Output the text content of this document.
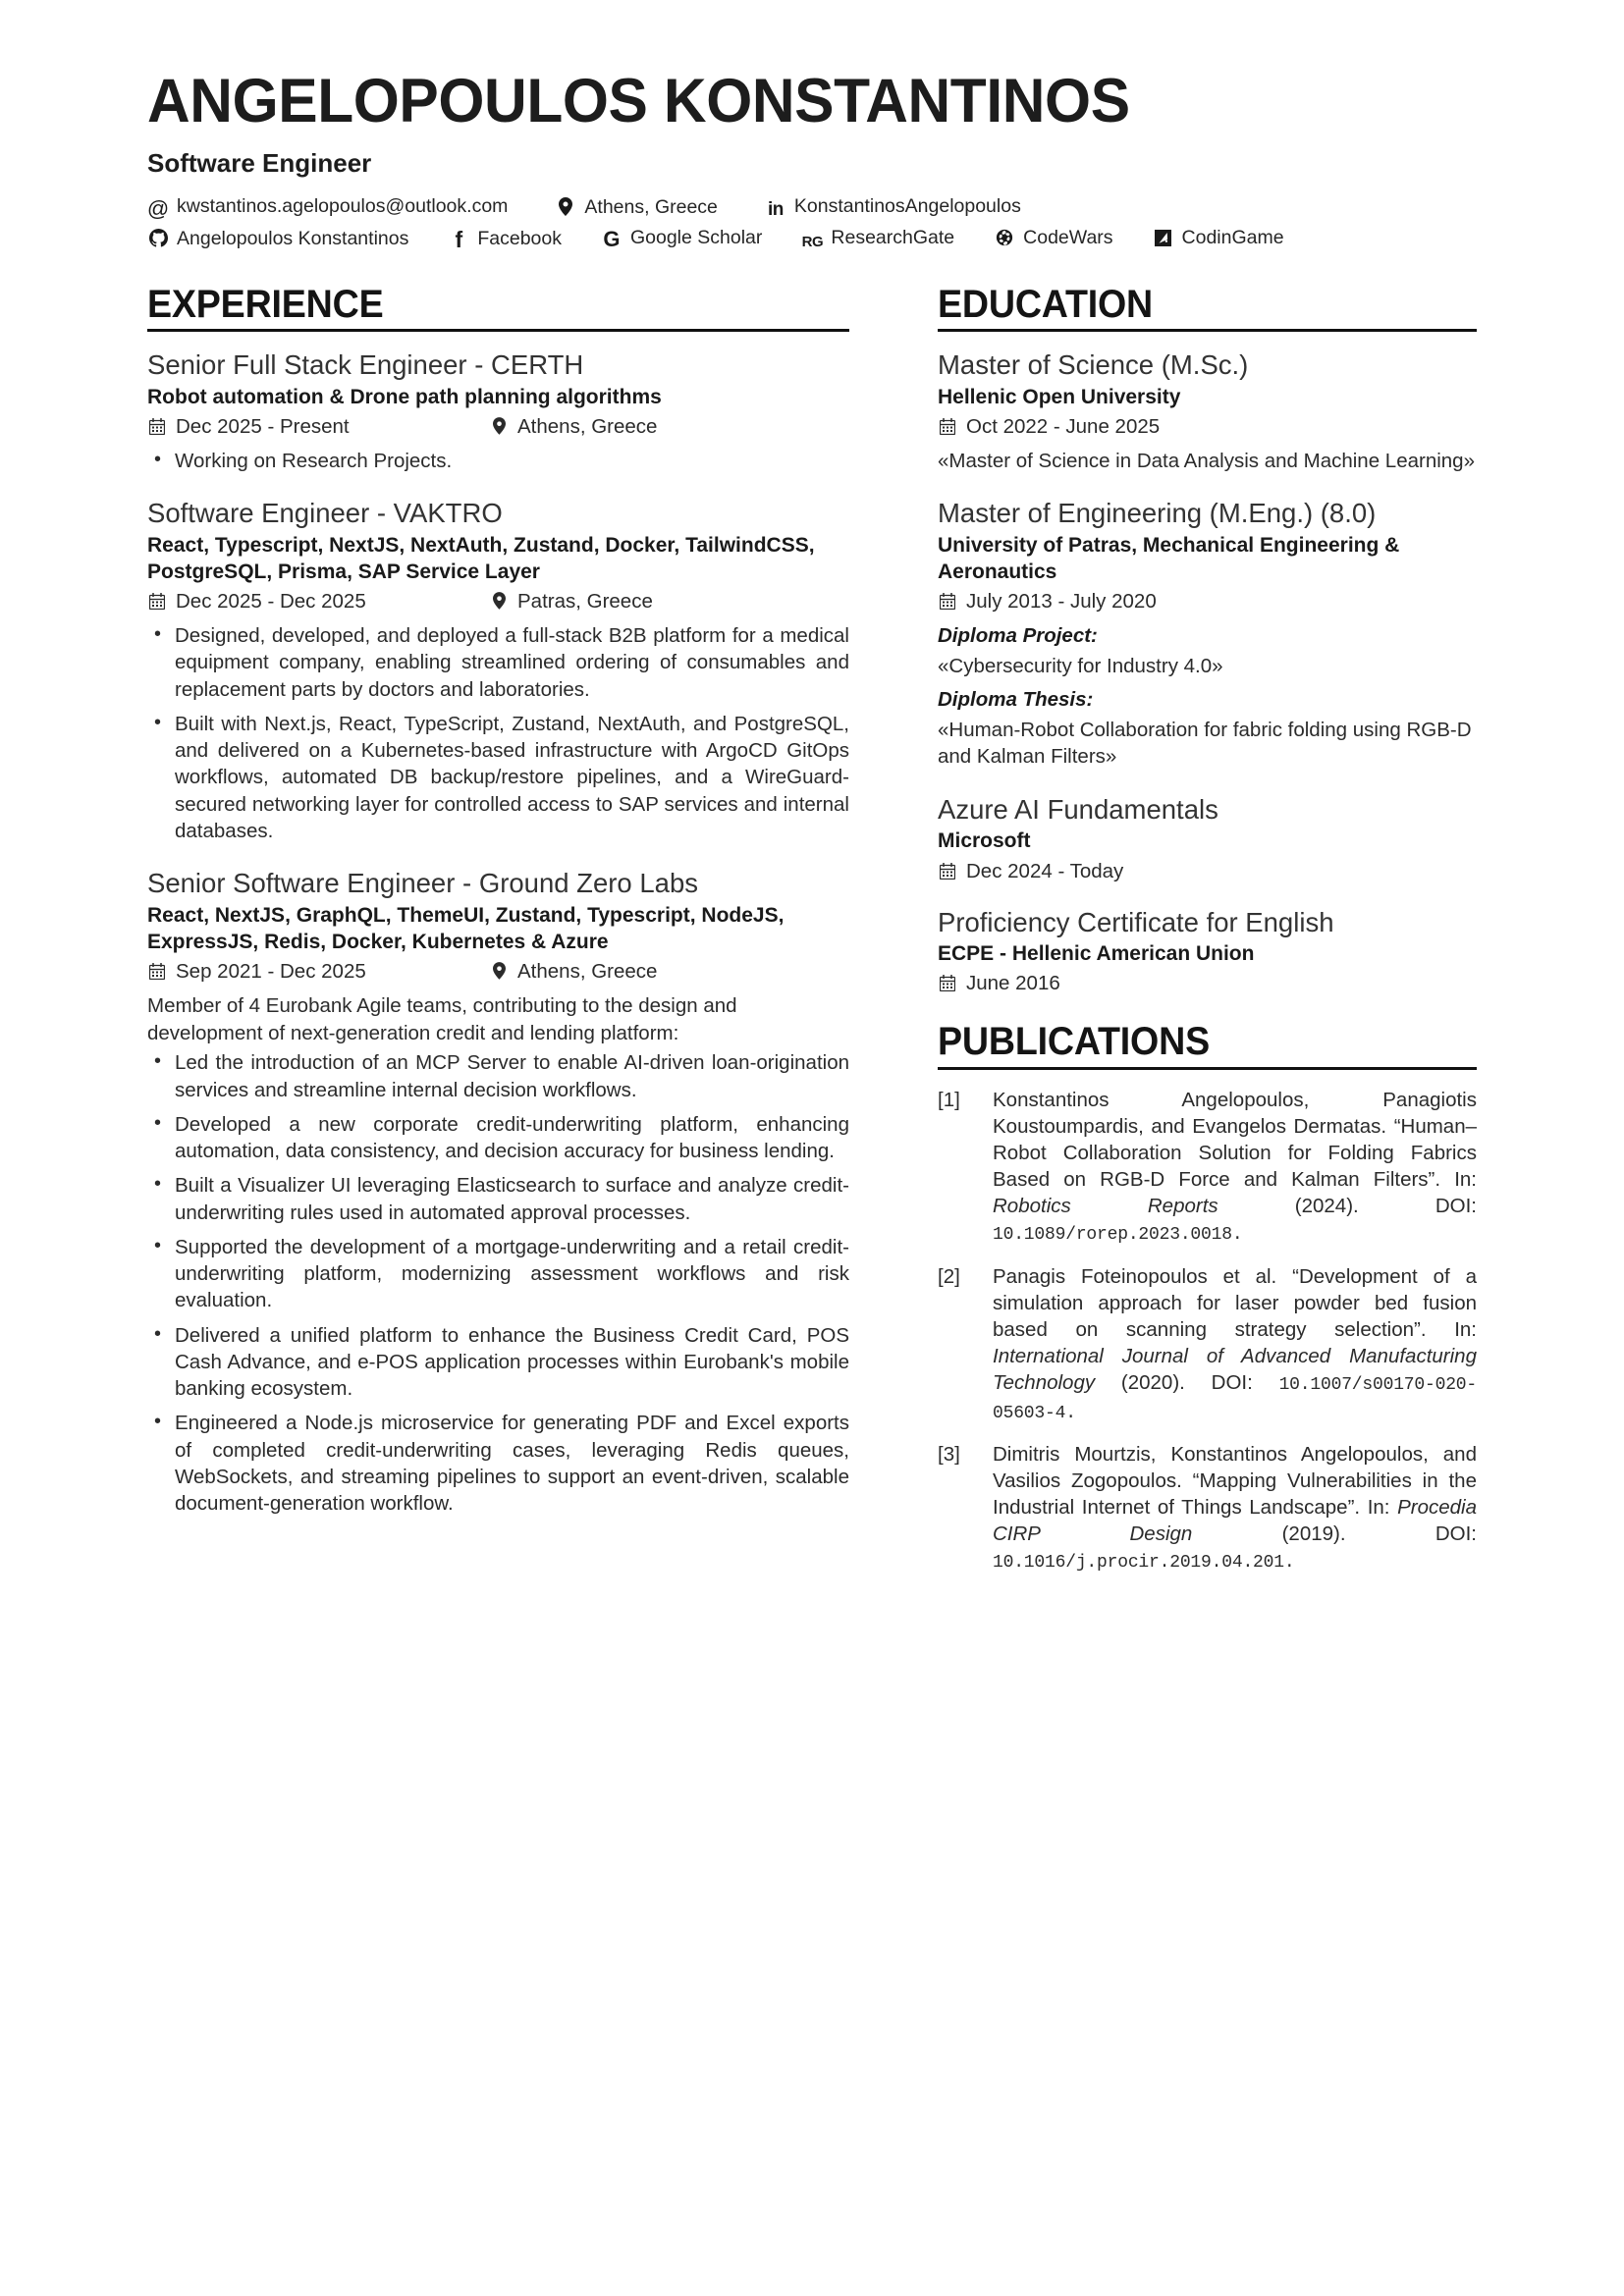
ANGELOPOULOS KONSTANTINOS
Software Engineer
@ kwstantinos.agelopoulos@outlook.com	Athens, Greece	in KonstantinosAngelopoulos
Angelopoulos Konstantinos f Facebook G Google Scholar	RG ResearchGate	CodeWars	CodinGame
EXPERIENCE
Senior Full Stack Engineer - CERTH
Robot automation & Drone path planning algorithms
Dec 2025 - Present	Athens, Greece
• Working on Research Projects.
Software Engineer - VAKTRO
React, Typescript, NextJS, NextAuth, Zustand, Docker, TailwindCSS, PostgreSQL, Prisma, SAP Service Layer
Dec 2025 - Dec 2025	Patras, Greece
• Designed, developed, and deployed a full-stack B2B platform for a medical equipment company, enabling streamlined ordering of consumables and replacement parts by doctors and laboratories.
• Built with Next.js, React, TypeScript, Zustand, NextAuth, and PostgreSQL, and delivered on a Kubernetes-based infrastructure with ArgoCD GitOps workflows, automated DB backup/restore pipelines, and a WireGuard-secured networking layer for controlled access to SAP services and internal databases.
Senior Software Engineer - Ground Zero Labs
React, NextJS, GraphQL, ThemeUI, Zustand, Typescript, NodeJS, ExpressJS, Redis, Docker, Kubernetes & Azure
Sep 2021 - Dec 2025	Athens, Greece
Member of 4 Eurobank Agile teams, contributing to the design and development of next-generation credit and lending platform:
• Led the introduction of an MCP Server to enable AI-driven loan-origination services and streamline internal decision workflows.
• Developed a new corporate credit-underwriting platform, enhancing automation, data consistency, and decision accuracy for business lending.
• Built a Visualizer UI leveraging Elasticsearch to surface and analyze credit-underwriting rules used in automated approval processes.
• Supported the development of a mortgage-underwriting and a retail credit-underwriting platform, modernizing assessment workflows and risk evaluation.
• Delivered a unified platform to enhance the Business Credit Card, POS Cash Advance, and e-POS application processes within Eurobank's mobile banking ecosystem.
• Engineered a Node.js microservice for generating PDF and Excel exports of completed credit-underwriting cases, leveraging Redis queues, WebSockets, and streaming pipelines to support an event-driven, scalable document-generation workflow.
EDUCATION
Master of Science (M.Sc.)
Hellenic Open University
Oct 2022 - June 2025
«Master of Science in Data Analysis and Machine Learning»
Master of Engineering (M.Eng.) (8.0)
University of Patras, Mechanical Engineering & Aeronautics
July 2013 - July 2020
Diploma Project:
«Cybersecurity for Industry 4.0»
Diploma Thesis:
«Human-Robot Collaboration for fabric folding using RGB-D and Kalman Filters»
Azure AI Fundamentals
Microsoft
Dec 2024 - Today
Proficiency Certificate for English
ECPE - Hellenic American Union
June 2016
PUBLICATIONS
[1]	Konstantinos Angelopoulos, Panagiotis Koustoumpardis, and Evangelos Dermatas. “Human–Robot Collaboration Solution for Folding Fabrics Based on RGB-D Force and Kalman Filters”. In: Robotics Reports	(2024).	DOI: 10.1089/rorep.2023.0018.
[2]	Panagis Foteinopoulos et al. “Development of a simulation approach for laser powder bed fusion based on scanning strategy selection”. In: International Journal of Advanced Manufacturing Technology (2020). DOI: 10.1007/s00170-020-05603-4.
[3]	Dimitris Mourtzis, Konstantinos Angelopoulos, and Vasilios Zogopoulos. “Mapping Vulnerabilities in the Industrial Internet of Things Landscape”. In: Procedia CIRP Design	(2019).	DOI: 10.1016/j.procir.2019.04.201.
